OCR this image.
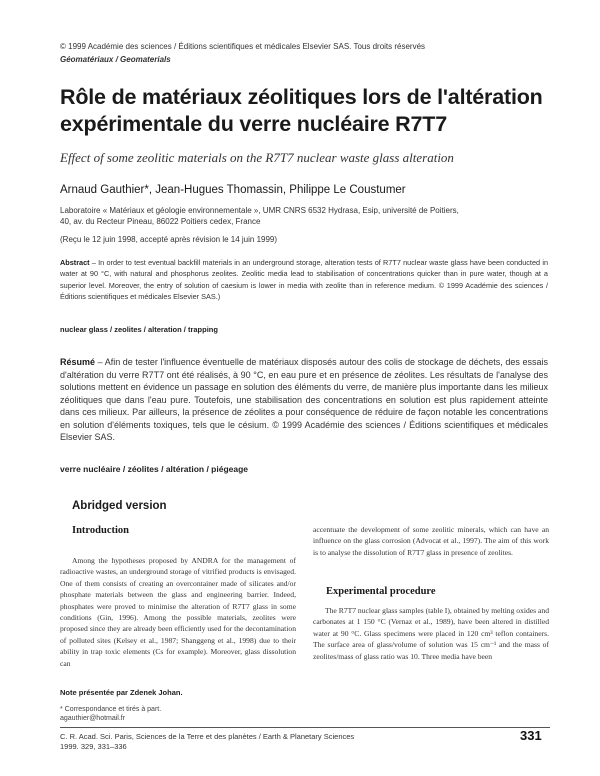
© 1999 Académie des sciences / Éditions scientifiques et médicales Elsevier SAS. Tous droits réservés
Géomatériaux / Geomaterials
Rôle de matériaux zéolitiques lors de l'altération
expérimentale du verre nucléaire R7T7
Effect of some zeolitic materials on the R7T7 nuclear waste glass alteration
Arnaud Gauthier*, Jean-Hugues Thomassin, Philippe Le Coustumer
Laboratoire « Matériaux et géologie environnementale », UMR CNRS 6532 Hydrasa, Esip, université de Poitiers,
40, av. du Recteur Pineau, 86022 Poitiers cedex, France
(Reçu le 12 juin 1998, accepté après révision le 14 juin 1999)
Abstract – In order to test eventual backfill materials in an underground storage, alteration tests of R7T7 nuclear waste glass have been conducted in water at 90 °C, with natural and phosphorus zeolites. Zeolitic media lead to stabilisation of concentrations quicker than in pure water, though at a superior level. Moreover, the entry of solution of caesium is lower in media with zeolite than in reference medium. © 1999 Académie des sciences / Éditions scientifiques et médicales Elsevier SAS.)
nuclear glass / zeolites / alteration / trapping
Résumé – Afin de tester l'influence éventuelle de matériaux disposés autour des colis de stockage de déchets, des essais d'altération du verre R7T7 ont été réalisés, à 90 °C, en eau pure et en présence de zéolites. Les résultats de l'analyse des solutions mettent en évidence un passage en solution des éléments du verre, de manière plus importante dans les milieux zéolitiques que dans l'eau pure. Toutefois, une stabilisation des concentrations en solution est plus rapidement atteinte dans ces milieux. Par ailleurs, la présence de zéolites a pour conséquence de réduire de façon notable les concentrations en solution d'éléments toxiques, tels que le césium. © 1999 Académie des sciences / Éditions scientifiques et médicales Elsevier SAS.
verre nucléaire / zéolites / altération / piégeage
Abridged version
Introduction
Among the hypotheses proposed by ANDRA for the management of radioactive wastes, an underground storage of vitrified products is envisaged. One of them consists of creating an overcontainer made of silicates and/or phosphate materials between the glass and engineering barrier. Indeed, phosphates were proved to minimise the alteration of R7T7 glass in some conditions (Gin, 1996). Among the possible materials, zeolites were proposed since they are already been efficiently used for the decontamination of polluted sites (Kelsey et al., 1987; Shanggeng et al., 1998) due to their ability in trap toxic elements (Cs for example). Moreover, glass dissolution can
accentuate the development of some zeolitic minerals, which can have an influence on the glass corrosion (Advocat et al., 1997). The aim of this work is to analyse the dissolution of R7T7 glass in presence of zeolites.
Experimental procedure
The R7T7 nuclear glass samples (table I), obtained by melting oxides and carbonates at 1 150 °C (Vernaz et al., 1989), have been altered in distilled water at 90 °C. Glass specimens were placed in 120 cm³ teflon containers. The surface area of glass/volume of solution was 15 cm⁻¹ and the mass of zeolites/mass of glass ratio was 10. Three media have been
Note présentée par Zdenek Johan.
* Correspondance et tirés à part.
agauthier@hotmail.fr
C. R. Acad. Sci. Paris, Sciences de la Terre et des planètes / Earth & Planetary Sciences
1999. 329, 331–336
331
